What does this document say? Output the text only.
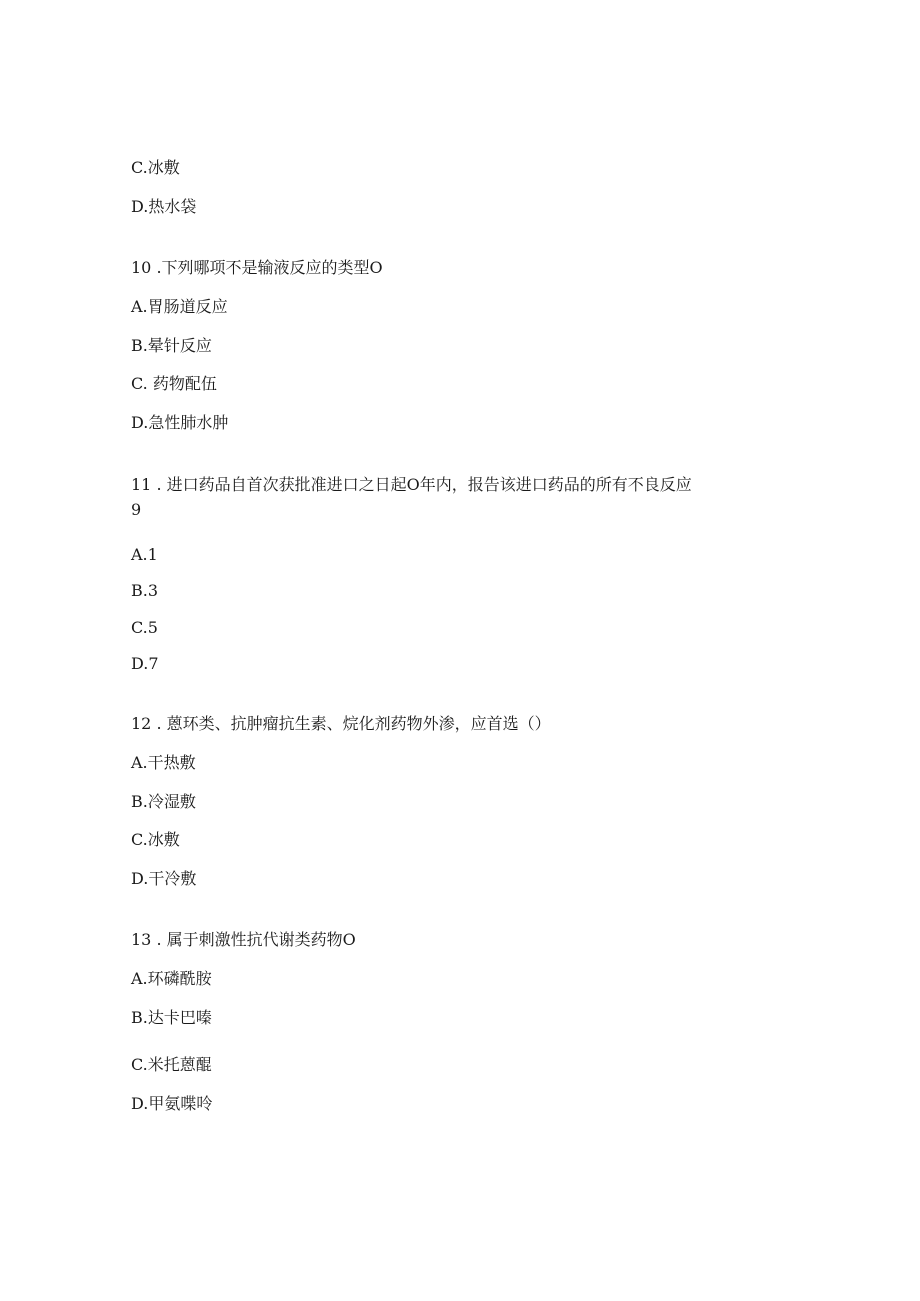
C.冰敷
D.热水袋
10 .下列哪项不是输液反应的类型O
A.胃肠道反应
B.晕针反应
C. 药物配伍
D.急性肺水肿
11 . 进口药品自首次获批准进口之日起O年内，报告该进口药品的所有不良反应
9
A.1
B.3
C.5
D.7
12 . 蒽环类、抗肿瘤抗生素、烷化剂药物外渗，应首选（）
A.干热敷
B.冷湿敷
C.冰敷
D.干冷敷
13 . 属于刺激性抗代谢类药物O
A.环磷酰胺
B.达卡巴嗪
C.米托蒽醌
D.甲氨喋呤
